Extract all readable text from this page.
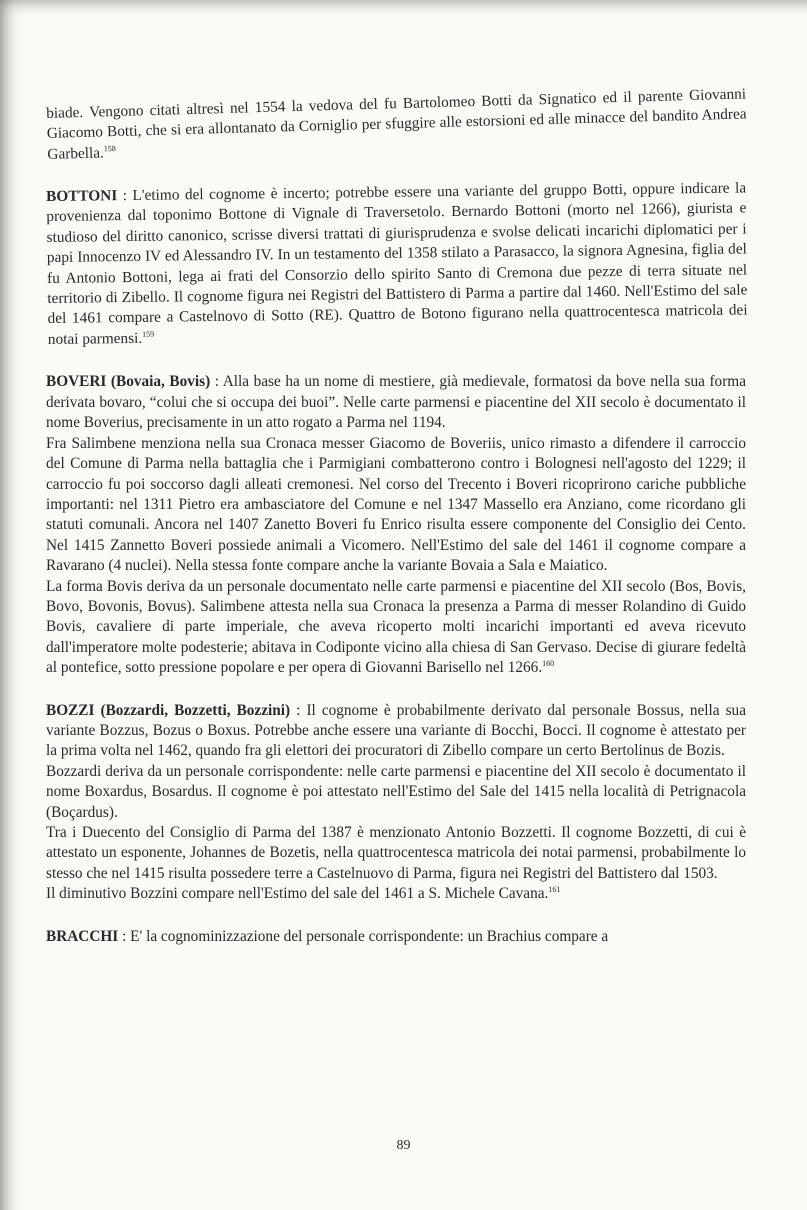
biade. Vengono citati altresì nel 1554 la vedova del fu Bartolomeo Botti da Signatico ed il parente Giovanni Giacomo Botti, che si era allontanato da Corniglio per sfuggire alle estorsioni ed alle minacce del bandito Andrea Garbella.$^{158}$

BOTTONI : L'etimo del cognome è incerto; potrebbe essere una variante del gruppo Botti, oppure indicare la provenienza dal toponimo Bottone di Vignale di Traversetolo. Bernardo Bottoni (morto nel 1266), giurista e studioso del diritto canonico, scrisse diversi trattati di giurisprudenza e svolse delicati incarichi diplomatici per i papi Innocenzo IV ed Alessandro IV. In un testamento del 1358 stilato a Parasacco, la signora Agnesina, figlia del fu Antonio Bottoni, lega ai frati del Consorzio dello spirito Santo di Cremona due pezze di terra situate nel territorio di Zibello. Il cognome figura nei Registri del Battistero di Parma a partire dal 1460. Nell'Estimo del sale del 1461 compare a Castelnovo di Sotto (RE). Quattro de Botono figurano nella quattrocentesca matricola dei notai parmensi.$^{159}$

BOVERI (Bovaia, Bovis) : Alla base ha un nome di mestiere, già medievale, formatosi da bove nella sua forma derivata bovaro, “colui che si occupa dei buoi”. Nelle carte parmensi e piacentine del XII secolo è documentato il nome Boverius, precisamente in un atto rogato a Parma nel 1194.

Fra Salimbene menziona nella sua Cronaca messer Giacomo de Boveriis, unico rimasto a difendere il carroccio del Comune di Parma nella battaglia che i Parmigiani combatterono contro i Bolognesi nell'agosto del 1229; il carroccio fu poi soccorso dagli alleati cremonesi. Nel corso del Trecento i Boveri ricoprirono cariche pubbliche importanti: nel 1311 Pietro era ambasciatore del Comune e nel 1347 Massello era Anziano, come ricordano gli statuti comunali. Ancora nel 1407 Zanetto Boveri fu Enrico risulta essere componente del Consiglio dei Cento. Nel 1415 Zannetto Boveri possiede animali a Vicomero. Nell'Estimo del sale del 1461 il cognome compare a Ravarano (4 nuclei). Nella stessa fonte compare anche la variante Bovaia a Sala e Maiatico.

La forma Bovis deriva da un personale documentato nelle carte parmensi e piacentine del XII secolo (Bos, Bovis, Bovo, Bovonis, Bovus). Salimbene attesta nella sua Cronaca la presenza a Parma di messer Rolandino di Guido Bovis, cavaliere di parte imperiale, che aveva ricoperto molti incarichi importanti ed aveva ricevuto dall'imperatore molte podesterie; abitava in Codiponte vicino alla chiesa di San Gervaso. Decise di giurare fedeltà al pontefice, sotto pressione popolare e per opera di Giovanni Barisello nel 1266.$^{160}$

BOZZI (Bozzardi, Bozzetti, Bozzini) : Il cognome è probabilmente derivato dal personale Bossus, nella sua variante Bozzus, Bozus o Boxus. Potrebbe anche essere una variante di Bocchi, Bocci. Il cognome è attestato per la prima volta nel 1462, quando fra gli elettori dei procuratori di Zibello compare un certo Bertolinus de Bozis.

Bozzardi deriva da un personale corrispondente: nelle carte parmensi e piacentine del XII secolo è documentato il nome Boxardus, Bosardus. Il cognome è poi attestato nell'Estimo del Sale del 1415 nella località di Petrignacola (Boçardus).

Tra i Duecento del Consiglio di Parma del 1387 è menzionato Antonio Bozzetti. Il cognome Bozzetti, di cui è attestato un esponente, Johannes de Bozetis, nella quattrocentesca matricola dei notai parmensi, probabilmente lo stesso che nel 1415 risulta possedere terre a Castelnuovo di Parma, figura nei Registri del Battistero dal 1503.

Il diminutivo Bozzini compare nell'Estimo del sale del 1461 a S. Michele Cavana.$^{161}$

BRACCHI : E' la cognominizzazione del personale corrispondente: un Brachius compare a

89
